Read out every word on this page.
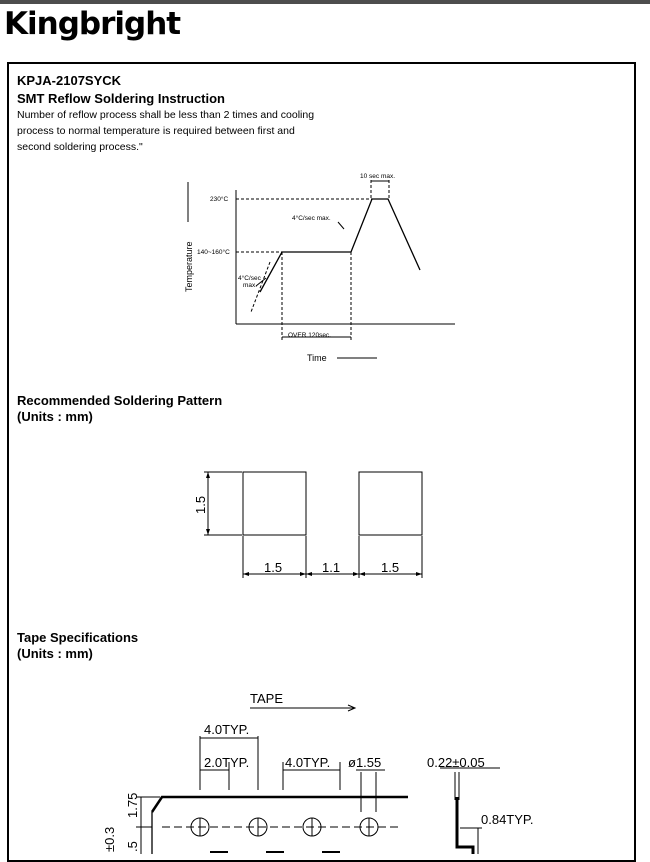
Kingbright
KPJA-2107SYCK
SMT Reflow Soldering Instruction
Number of reflow process shall be less than 2 times and cooling
process to normal temperature is required between first and
second soldering process."
Recommended Soldering Pattern
(Units : mm)
Tape Specifications
(Units : mm)
230°C
140~160°C
10 sec max.
4°C/sec max.
4°C/sec
max.
OVER 120sec.
Time
Temperature
1.5	1.1	1.5
1.5
TAPE
4.0TYP.
2.0TYP.	4.0TYP. ø1.55	0.22±0.05
0.84TYP.
1.75
.5
±0.3
